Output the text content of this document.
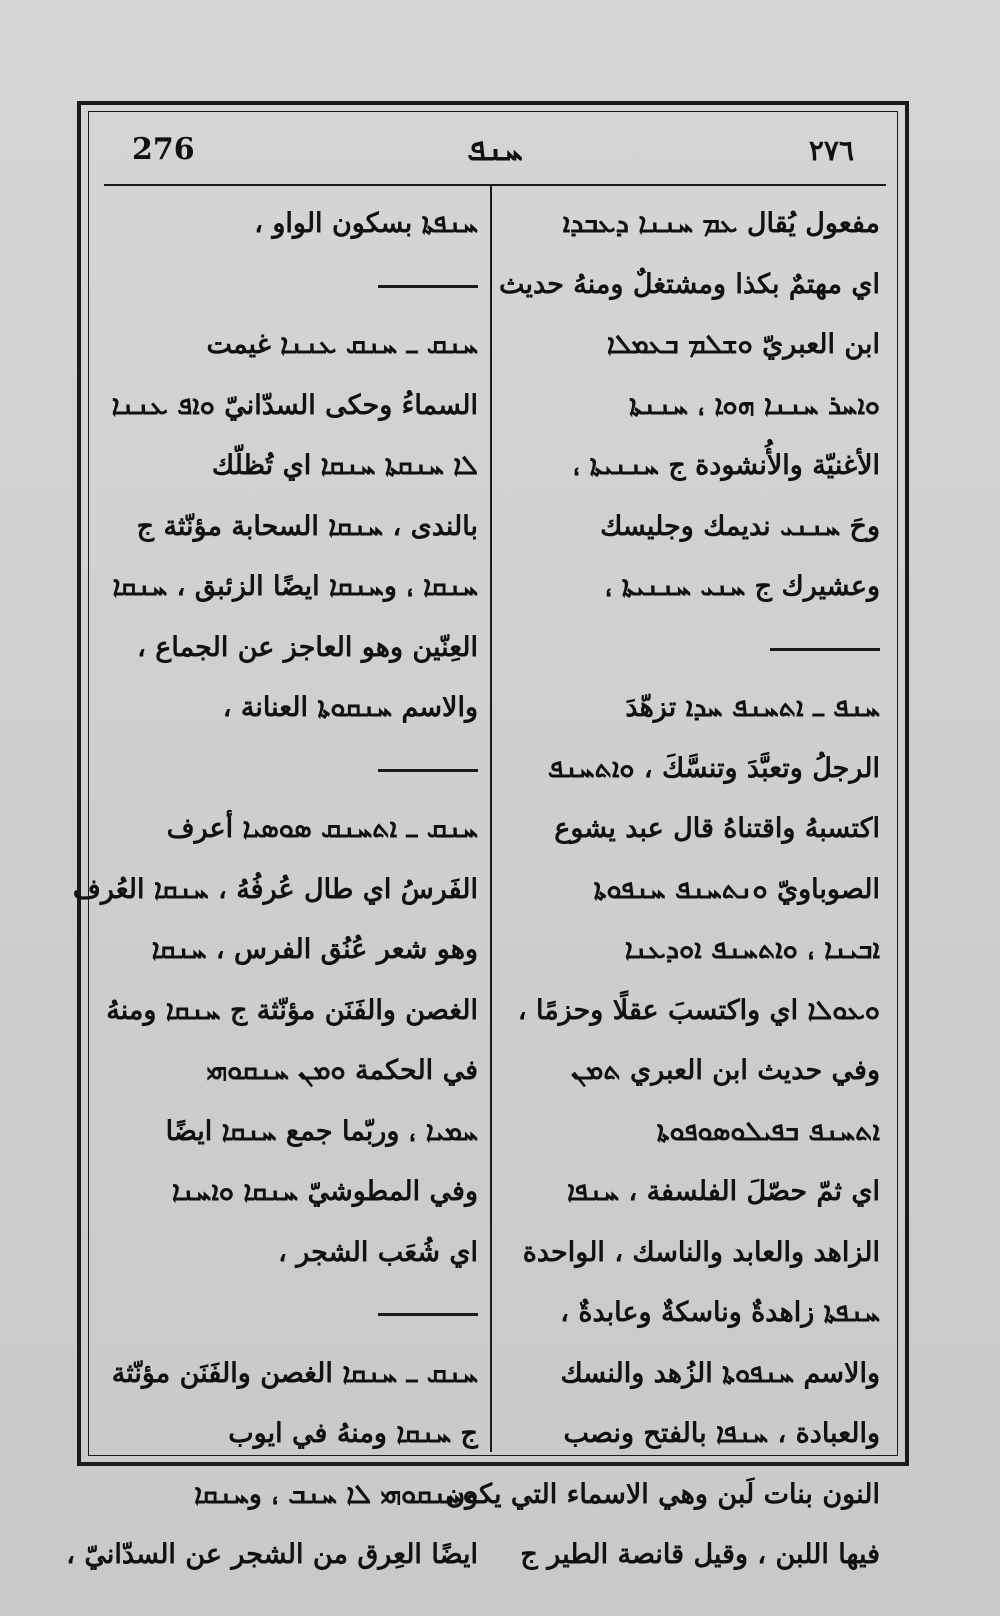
276	ܚܢܦ	٢٧٦
مفعول يُقال ܥܡ ܚܢܢܐ ܕܥܒܕܐ
اي مهتمٌ بكذا ومشتغلٌ ومنهُ حديث
ابن العبريّ ܘܫܠܡ ܒܥܡܠܐ
ܘܐܚܪ ܚܢܢܐ ܗܘܐ ، ܚܢܢܬܐ
الأغنيّة والأُنشودة ج ܚܢܢܝܬܐ ،
وحَ ܚܢܢܝ نديمك وجليسك
وعشيرك ج ܚܢܝ ܚܢܢܝܬܐ ،
ܚܢܦ ـ ܐܬܚܢܦ ܚܕܐ تزهّدَ
الرجلُ وتعبَّدَ وتنسَّكَ ، ܘܐܬܚܢܦ
اكتسبهُ واقتناهُ قال عبد يشوع
الصوباويّ ܘܢܬܚܢܦ ܚܢܦܘܬܐ
ܐܒܝܢܐ ، ܘܐܬܚܢܦ ܐܘܕܥܢܐ
ܘܥܘܠܐ اي واكتسبَ عقلًا وحزمًا ،
وفي حديث ابن العبري ܬܡܢ
ܐܬܚܢܦ ܒܦܝܠܘܣܘܦܘܬܐ
اي ثمّ حصّلَ الفلسفة ، ܚܢܦܐ
الزاهد والعابد والناسك ، الواحدة
ܚܢܦܬܐ زاهدةٌ وناسكةٌ وعابدةٌ ،
والاسم ܚܢܦܘܬܐ الزُهد والنسك
والعبادة ، ܚܢܦܐ بالفتح ونصب
النون بنات لَبن وهي الاسماء التي يكون
فيها اللبن ، وقيل قانصة الطير ج
ܚܢܦܬܐ بسكون الواو ،
ܚܢܩ ـ ܚܢܩ ܥܢܢܐ غيمت
السماءُ وحكى السدّانيّ ܘܐܦ ܥܢܢܐ
ܠܐ ܚܢܩܬܐ ܚܢܩܐ اي تُظلّك
بالندى ، ܚܢܩܐ السحابة مؤنّثة ج
ܚܢܩܐ ، وܚܢܩܐ ايضًا الزئبق ، ܚܢܩܐ
العِنّين وهو العاجز عن الجماع ،
والاسم ܚܢܩܘܬܐ العنانة ،
ܚܢܩ ـ ܐܬܚܢܩ ܣܘܣܝܐ أعرف
الفَرسُ اي طال عُرفُهُ ، ܚܢܩܐ العُرف
وهو شعر عُنُق الفرس ، ܚܢܩܐ
الغصن والفَنَن مؤنّثة ج ܚܢܩܐ ومنهُ
في الحكمة ܘܡܢ ܚܢܩܘܗܝ
ܚܡܝܐ ، وربّما جمع ܚܢܩܐ ايضًا
وفي المطوشيّ ܚܢܩܐ ܘܐܚܢܐ
اي شُعَب الشجر ،
ܚܢܩ ـ ܚܢܩܐ الغصن والفَنَن مؤنّثة
ج ܚܢܩܐ ومنهُ في ايوب
ܘܚܢܩܘܗܝ ܠܐ ܚܢܒ ، وܚܢܩܐ
ايضًا العِرق من الشجر عن السدّانيّ ،
